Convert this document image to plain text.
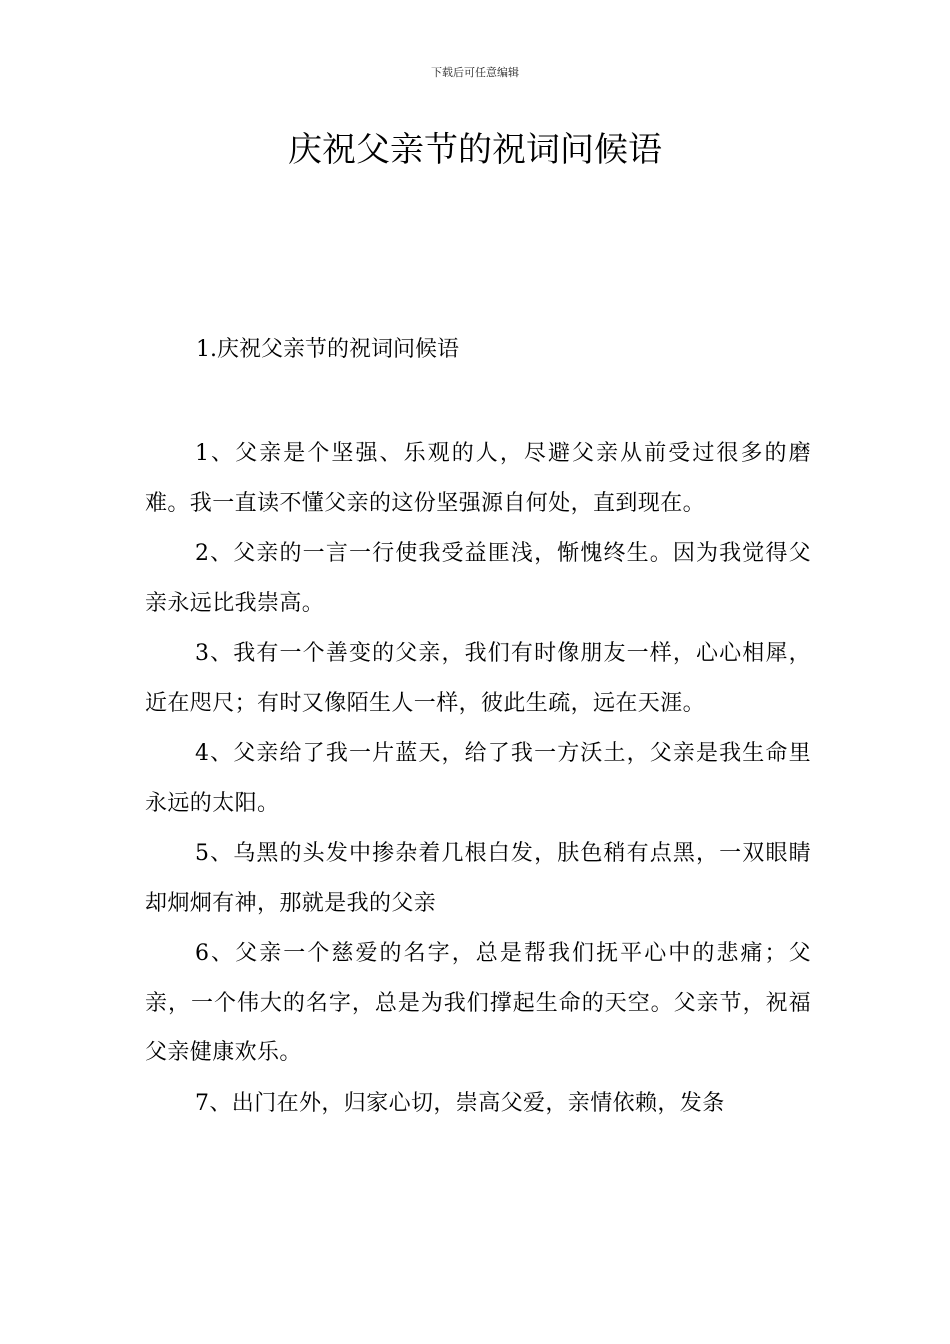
下载后可任意编辑
庆祝父亲节的祝词问候语
1.庆祝父亲节的祝词问候语

1、父亲是个坚强、乐观的人，尽避父亲从前受过很多的磨难。我一直读不懂父亲的这份坚强源自何处，直到现在。

2、父亲的一言一行使我受益匪浅，惭愧终生。因为我觉得父亲永远比我崇高。

3、我有一个善变的父亲，我们有时像朋友一样，心心相犀，近在咫尺；有时又像陌生人一样，彼此生疏，远在天涯。

4、父亲给了我一片蓝天，给了我一方沃土，父亲是我生命里永远的太阳。

5、乌黑的头发中掺杂着几根白发，肤色稍有点黑，一双眼睛却炯炯有神，那就是我的父亲

6、父亲一个慈爱的名字，总是帮我们抚平心中的悲痛；父亲，一个伟大的名字，总是为我们撑起生命的天空。父亲节，祝福父亲健康欢乐。

7、出门在外，归家心切，崇高父爱，亲情依赖，发条
